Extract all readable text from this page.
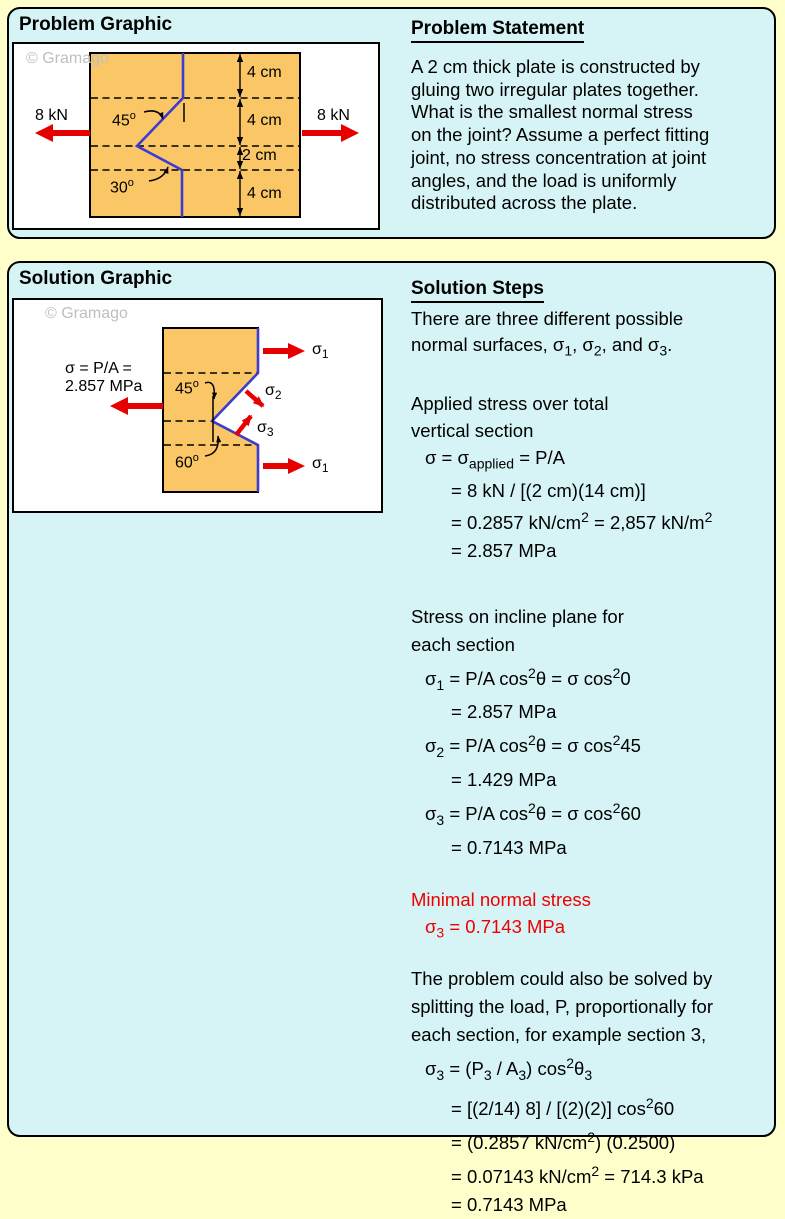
Problem Graphic
© Gramago
8 kN	8 kN
45$^o$
30$^o$
4 cm
4 cm
2 cm
4 cm
Problem Statement
A 2 cm thick plate is constructed by
gluing two irregular plates together.
What is the smallest normal stress
on the joint? Assume a perfect fitting
joint, no stress concentration at joint
angles, and the load is uniformly
distributed across the plate.
Solution Graphic
© Gramago
σ = P/A =
2.857 MPa 45$^o$
60$^o$
$\sigma_1$
$\sigma_2$
$\sigma_3$
$\sigma_1$
Solution Steps
There are three different possible
normal surfaces, $\sigma_1$, $\sigma_2$, and $\sigma_3$.
Applied stress over total
vertical section
$\sigma = \sigma_{applied} = P/A$
= 8 kN / [(2 cm)(14 cm)]
= 0.2857 $kN/cm^2 = 2,857$ $kN/m^2$
= 2.857 MPa
Stress on incline plane for
each section
$\sigma_1 = P/A$ $\cos^2\theta = \sigma$ $\cos^20$
= 2.857 MPa
$\sigma_2 = P/A$ $\cos^2\theta = \sigma$ $\cos^245$
= 1.429 MPa
$\sigma_3 = P/A$ $\cos^2\theta = \sigma$ $\cos^260$
= 0.7143 MPa
Minimal normal stress
$\sigma_3 = 0.7143$ MPa
The problem could also be solved by
splitting the load, P, proportionally for
each section, for example section 3,
$\sigma_3 = (P_3 / A_3)$ $\cos^2\theta_3$
= [(2/14) 8] / [(2)(2)] $\cos^260$
= (0.2857 $kN/cm^2$) (0.2500)
= 0.07143 $kN/cm^2 = 714.3$ kPa
= 0.7143 MPa
